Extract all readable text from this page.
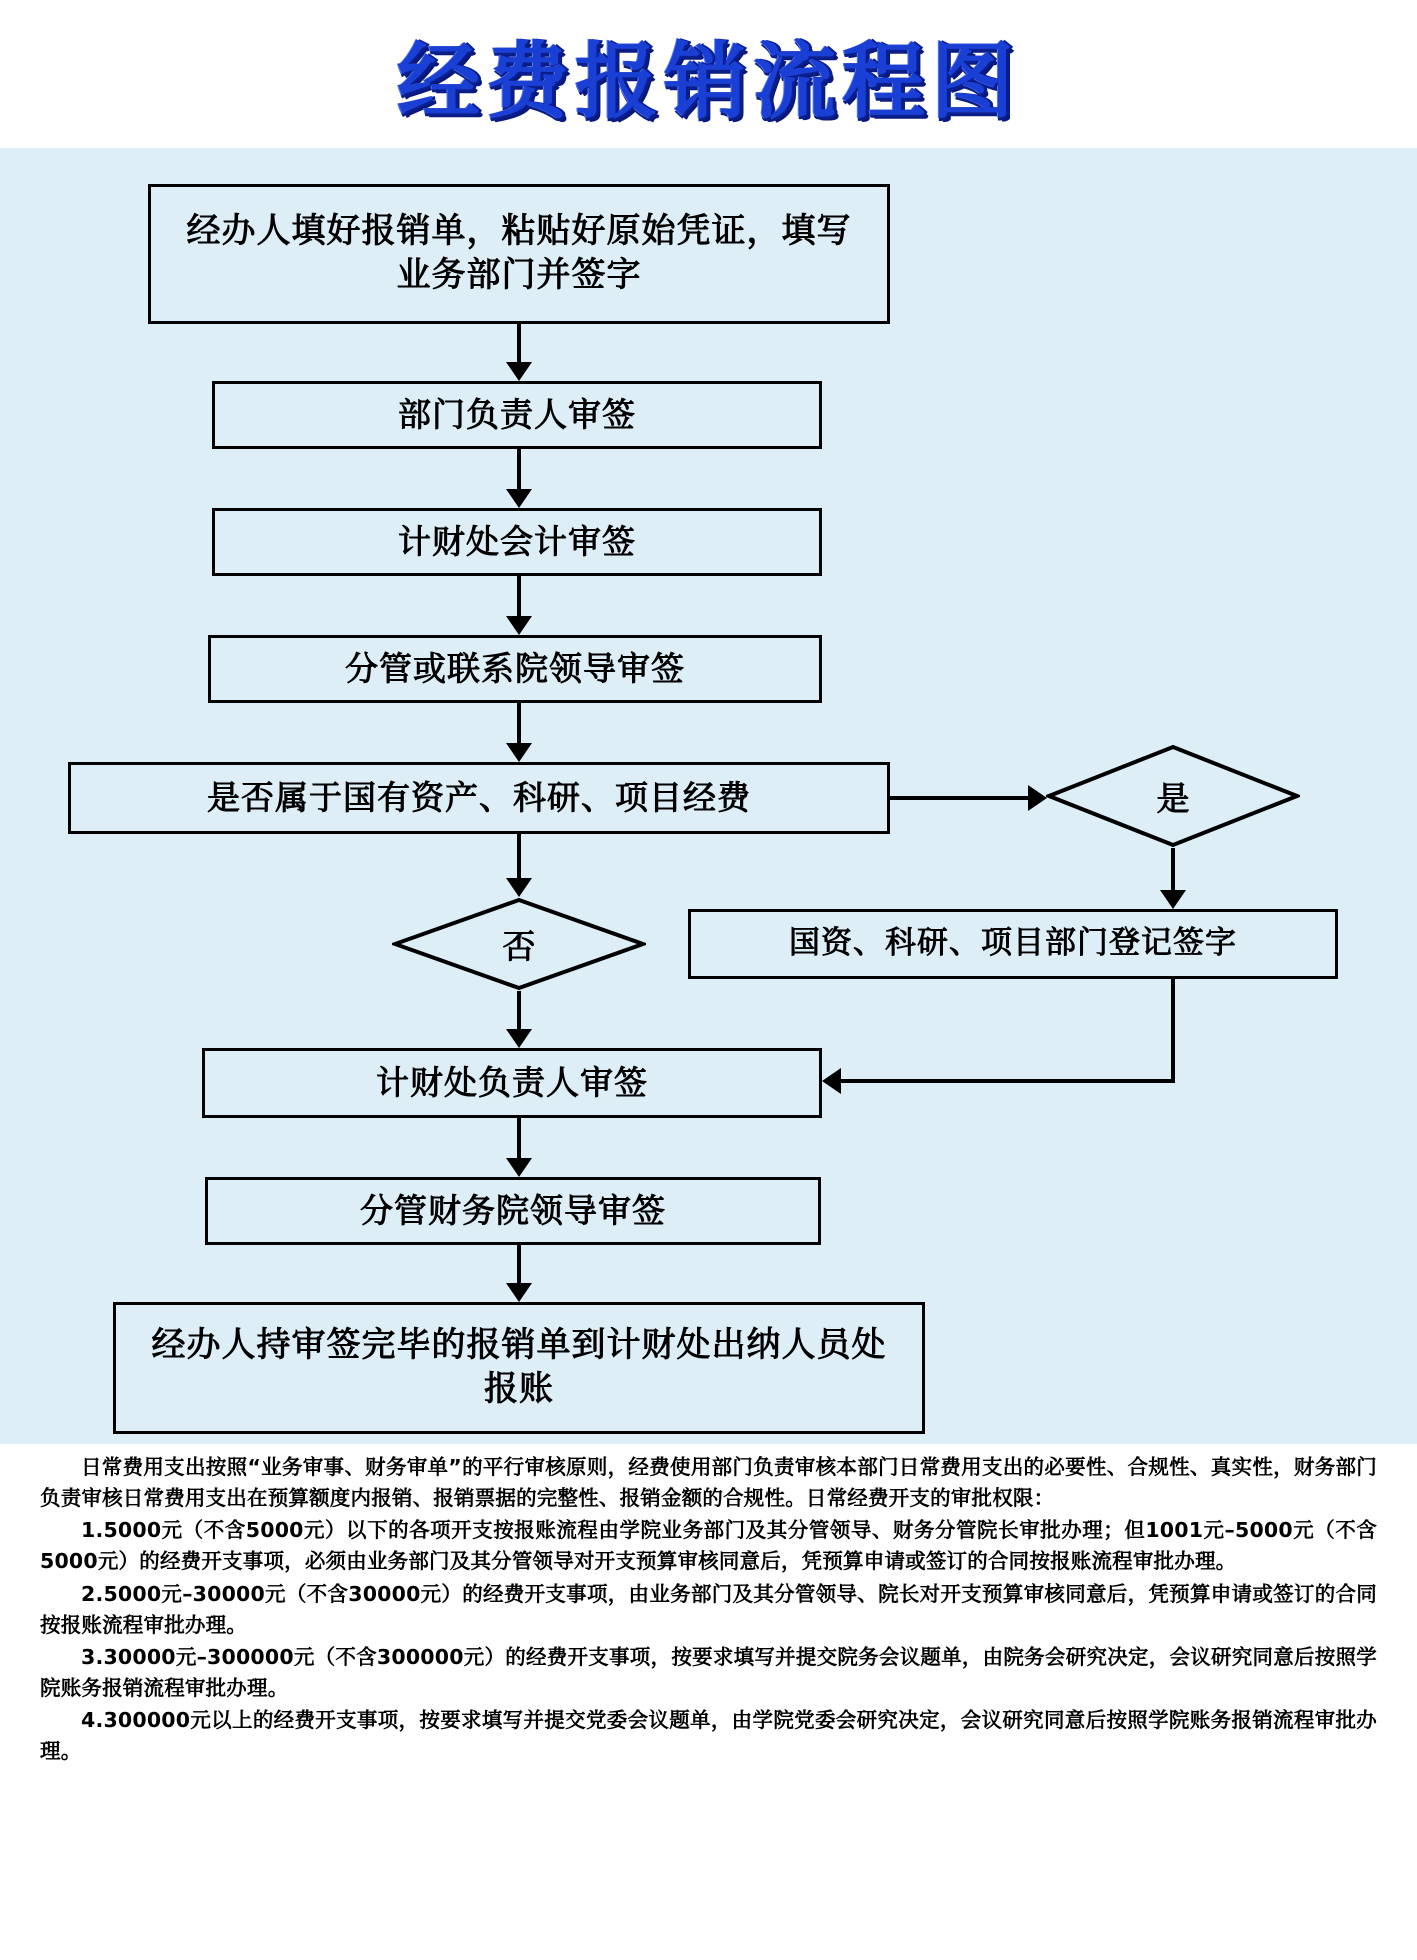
经费报销流程图
经办人填好报销单，粘贴好原始凭证，填写业务部门并签字
部门负责人审签
计财处会计审签
分管或联系院领导审签
是否属于国有资产、科研、项目经费	是
国资、科研、项目部门登记签字
否
计财处负责人审签
分管财务院领导审签
经办人持审签完毕的报销单到计财处出纳人员处报账

日常费用支出按照“业务审事、财务审单”的平行审核原则，经费使用部门负责审核本部门日常费用支出的必要性、合规性、真实性，财务部门负责审核日常费用支出在预算额度内报销、报销票据的完整性、报销金额的合规性。日常经费开支的审批权限：

1.5000元（不含5000元）以下的各项开支按报账流程由学院业务部门及其分管领导、财务分管院长审批办理；但1001元–5000元（不含5000元）的经费开支事项，必须由业务部门及其分管领导对开支预算审核同意后，凭预算申请或签订的合同按报账流程审批办理。

2.5000元–30000元（不含30000元）的经费开支事项，由业务部门及其分管领导、院长对开支预算审核同意后，凭预算申请或签订的合同按报账流程审批办理。

3.30000元–300000元（不含300000元）的经费开支事项，按要求填写并提交院务会议题单，由院务会研究决定，会议研究同意后按照学院账务报销流程审批办理。

4.300000元以上的经费开支事项，按要求填写并提交党委会议题单，由学院党委会研究决定，会议研究同意后按照学院账务报销流程审批办理。
